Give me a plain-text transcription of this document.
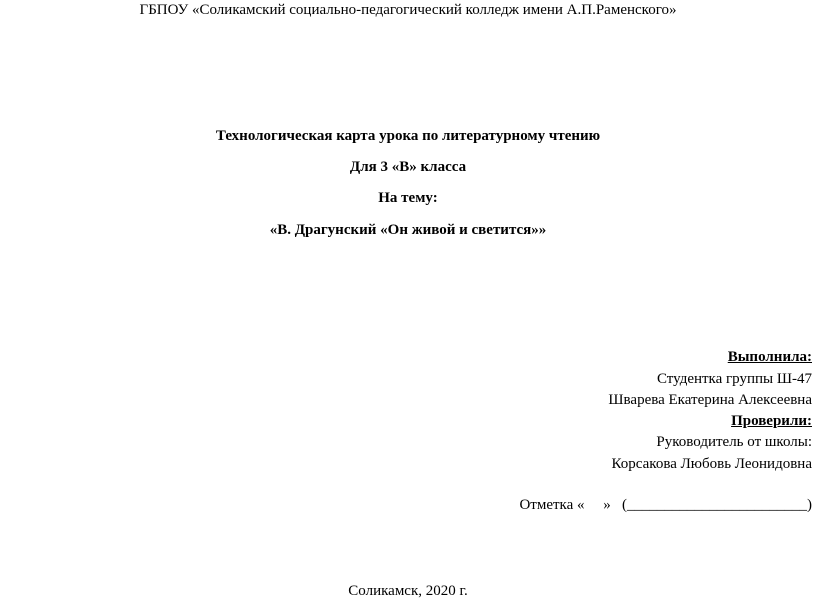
ГБПОУ «Соликамский социально-педагогический колледж имени А.П.Раменского»
Технологическая карта урока по литературному чтению
Для 3 «В» класса
На тему:
«В. Драгунский «Он живой и светится»»
Выполнила:
Студентка группы Ш-47
Шварева Екатерина Алексеевна
Проверили:
Руководитель от школы:
Корсакова Любовь Леонидовна
Отметка «     »   (________________________)
Соликамск, 2020 г.
